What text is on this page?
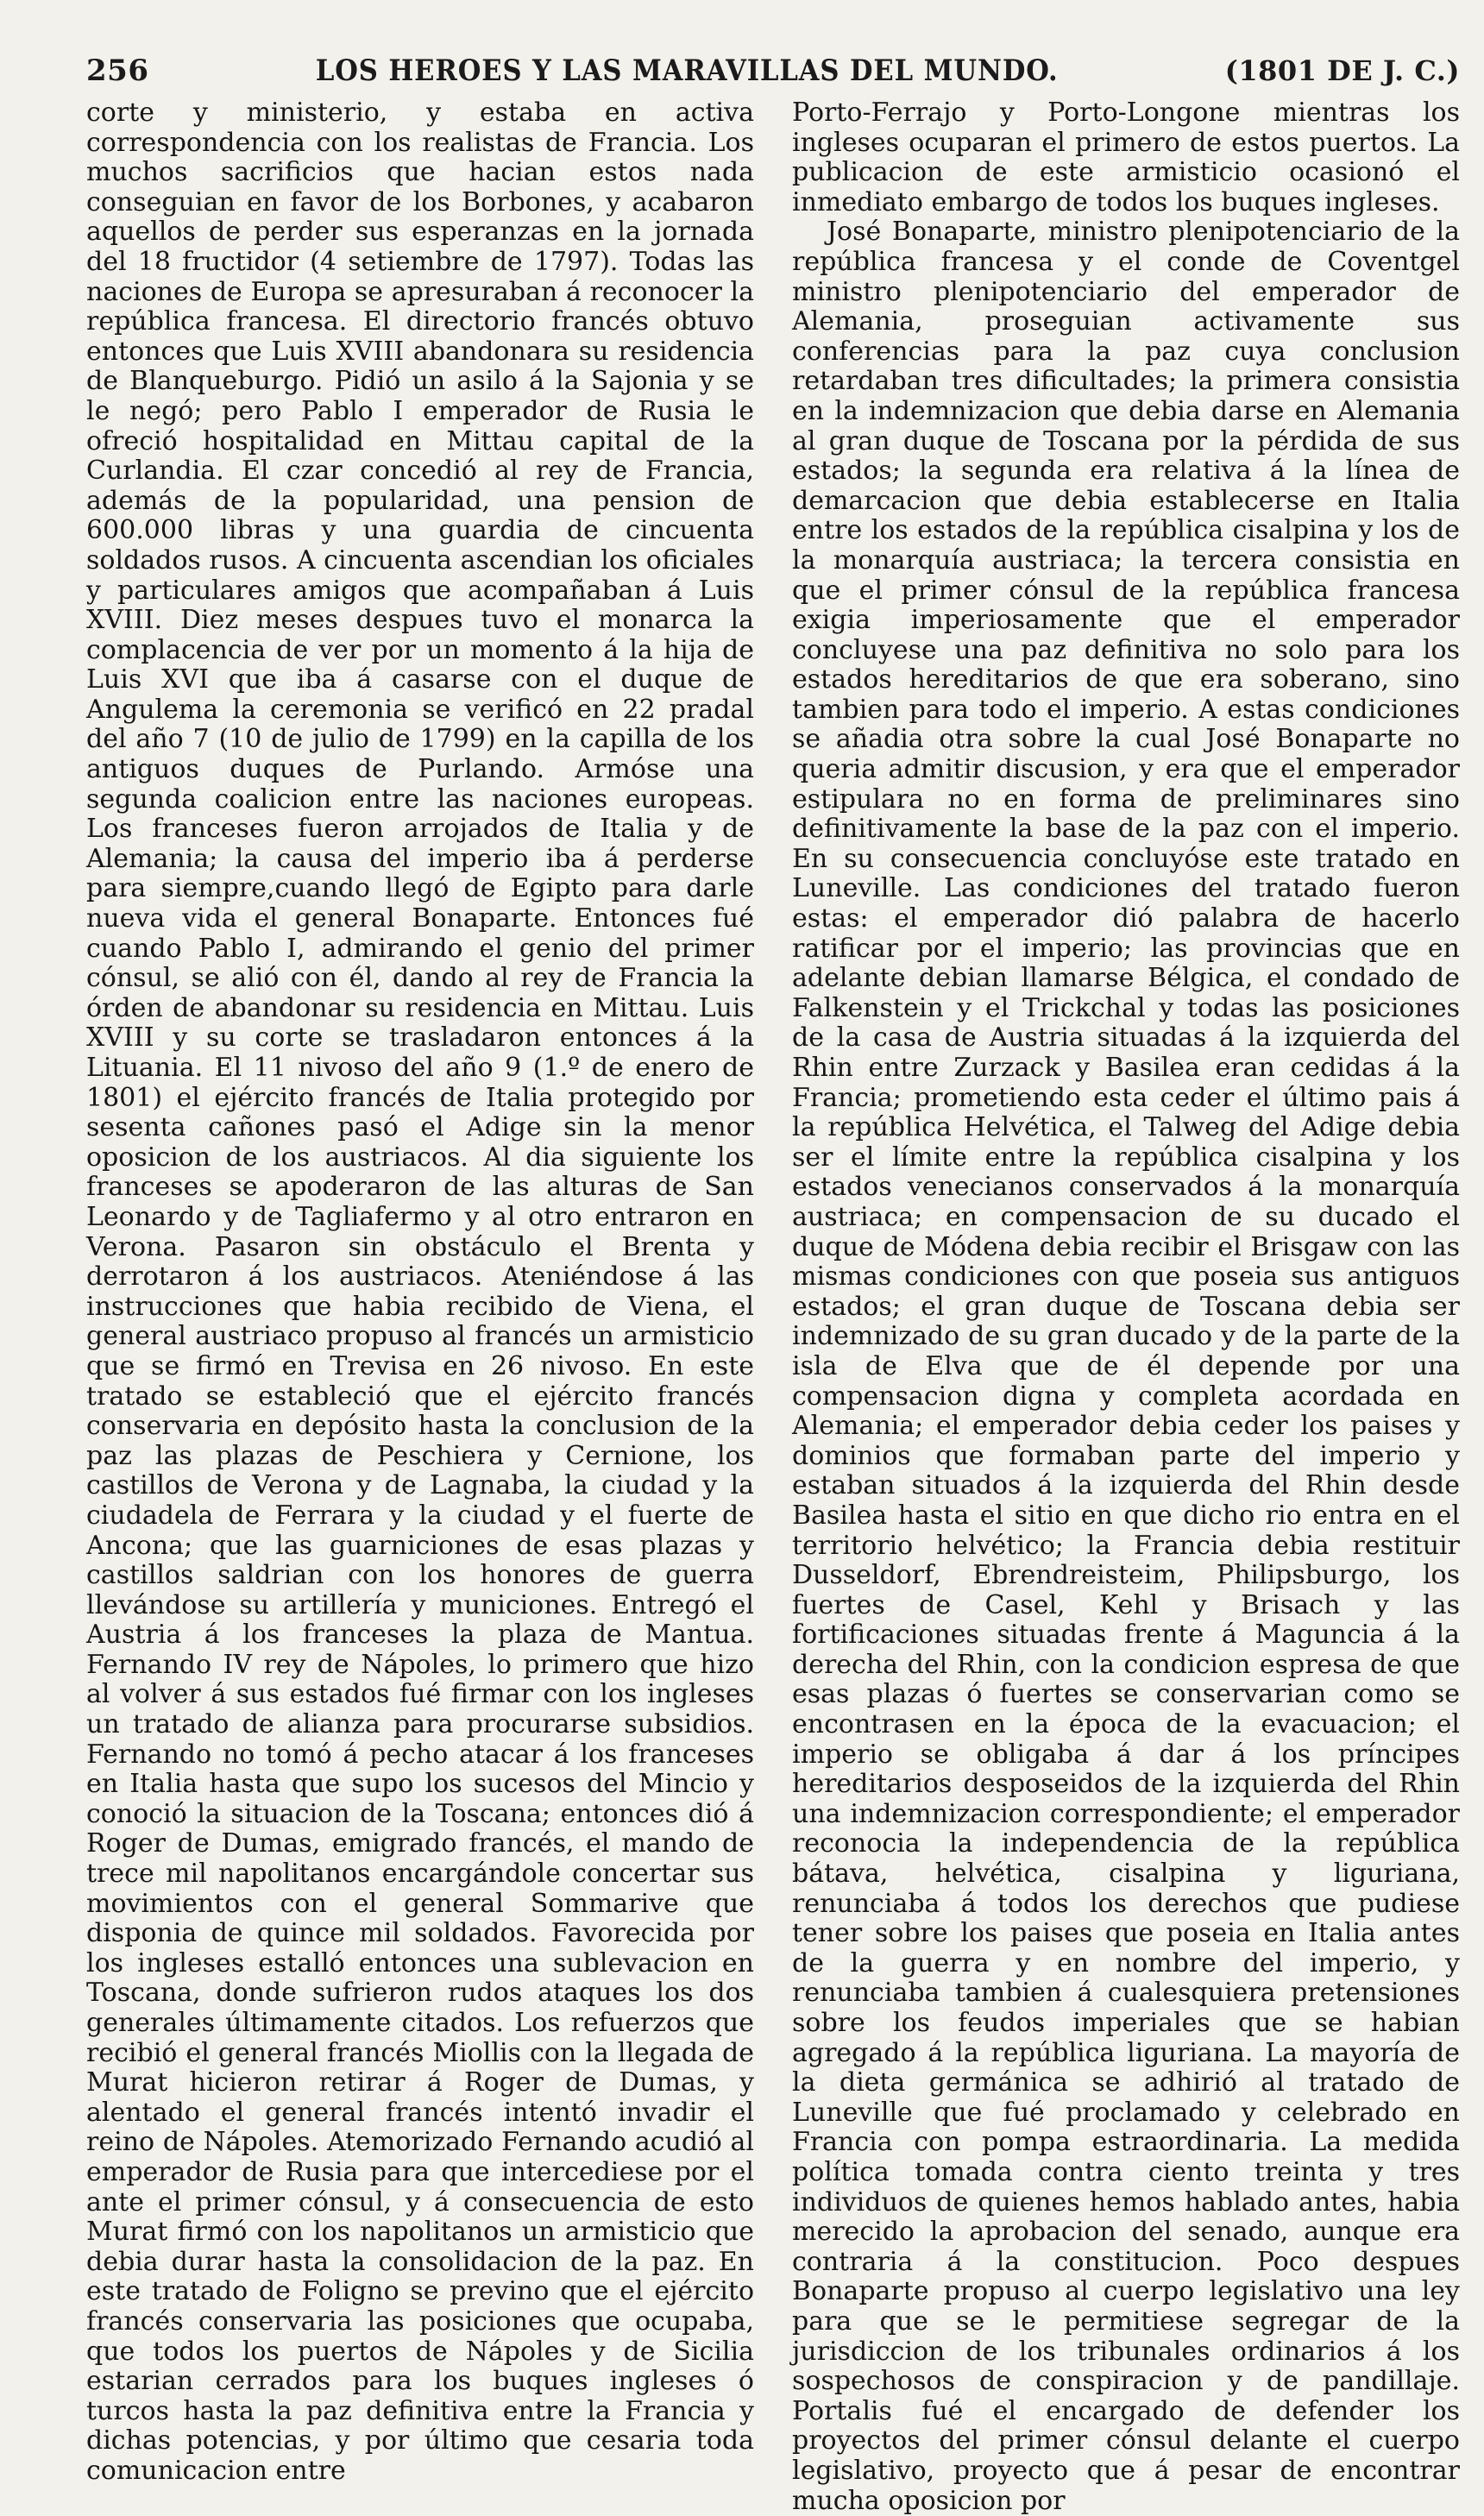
256	LOS HEROES Y LAS MARAVILLAS DEL MUNDO.	(1801 DE J. C.)

corte y ministerio, y estaba en activa correspondencia con los realistas de Francia. Los muchos sacrificios que hacian estos nada conseguian en favor de los Borbones, y acabaron aquellos de perder sus esperanzas en la jornada del 18 fructidor (4 setiembre de 1797). Todas las naciones de Europa se apresuraban á reconocer la república francesa. El directorio francés obtuvo entonces que Luis XVIII abandonara su residencia de Blanqueburgo. Pidió un asilo á la Sajonia y se le negó; pero Pablo I emperador de Rusia le ofreció hospitalidad en Mittau capital de la Curlandia. El czar concedió al rey de Francia, además de la popularidad, una pension de 600.000 libras y una guardia de cincuenta soldados rusos. A cincuenta ascendian los oficiales y particulares amigos que acompañaban á Luis XVIII. Diez meses despues tuvo el monarca la complacencia de ver por un momento á la hija de Luis XVI que iba á casarse con el duque de Angulema la ceremonia se verificó en 22 pradal del año 7 (10 de julio de 1799) en la capilla de los antiguos duques de Purlando. Armóse una segunda coalicion entre las naciones europeas. Los franceses fueron arrojados de Italia y de Alemania; la causa del imperio iba á perderse para siempre,cuando llegó de Egipto para darle nueva vida el general Bonaparte. Entonces fué cuando Pablo I, admirando el genio del primer cónsul, se alió con él, dando al rey de Francia la órden de abandonar su residencia en Mittau. Luis XVIII y su corte se trasladaron entonces á la Lituania. El 11 nivoso del año 9 (1.º de enero de 1801) el ejército francés de Italia protegido por sesenta cañones pasó el Adige sin la menor oposicion de los austriacos. Al dia siguiente los franceses se apoderaron de las alturas de San Leonardo y de Tagliafermo y al otro entraron en Verona. Pasaron sin obstáculo el Brenta y derrotaron á los austriacos. Ateniéndose á las instrucciones que habia recibido de Viena, el general austriaco propuso al francés un armisticio que se firmó en Trevisa en 26 nivoso. En este tratado se estableció que el ejército francés conservaria en depósito hasta la conclusion de la paz las plazas de Peschiera y Cernione, los castillos de Verona y de Lagnaba, la ciudad y la ciudadela de Ferrara y la ciudad y el fuerte de Ancona; que las guarniciones de esas plazas y castillos saldrian con los honores de guerra llevándose su artillería y municiones. Entregó el Austria á los franceses la plaza de Mantua. Fernando IV rey de Nápoles, lo primero que hizo al volver á sus estados fué firmar con los ingleses un tratado de alianza para procurarse subsidios. Fernando no tomó á pecho atacar á los franceses en Italia hasta que supo los sucesos del Mincio y conoció la situacion de la Toscana; entonces dió á Roger de Dumas, emigrado francés, el mando de trece mil napolitanos encargándole concertar sus movimientos con el general Sommarive que disponia de quince mil soldados. Favorecida por los ingleses estalló entonces una sublevacion en Toscana, donde sufrieron rudos ataques los dos generales últimamente citados. Los refuerzos que recibió el general francés Miollis con la llegada de Murat hicieron retirar á Roger de Dumas, y alentado el general francés intentó invadir el reino de Nápoles. Atemorizado Fernando acudió al emperador de Rusia para que intercediese por el ante el primer cónsul, y á consecuencia de esto Murat firmó con los napolitanos un armisticio que debia durar hasta la consolidacion de la paz. En este tratado de Foligno se previno que el ejército francés conservaria las posiciones que ocupaba, que todos los puertos de Nápoles y de Sicilia estarian cerrados para los buques ingleses ó turcos hasta la paz definitiva entre la Francia y dichas potencias, y por último que cesaria toda comunicacion entre

Porto-Ferrajo y Porto-Longone mientras los ingleses ocuparan el primero de estos puertos. La publicacion de este armisticio ocasionó el inmediato embargo de todos los buques ingleses.

José Bonaparte, ministro plenipotenciario de la república francesa y el conde de Coventgel ministro plenipotenciario del emperador de Alemania, proseguian activamente sus conferencias para la paz cuya conclusion retardaban tres dificultades; la primera consistia en la indemnizacion que debia darse en Alemania al gran duque de Toscana por la pérdida de sus estados; la segunda era relativa á la línea de demarcacion que debia establecerse en Italia entre los estados de la república cisalpina y los de la monarquía austriaca; la tercera consistia en que el primer cónsul de la república francesa exigia imperiosamente que el emperador concluyese una paz definitiva no solo para los estados hereditarios de que era soberano, sino tambien para todo el imperio. A estas condiciones se añadia otra sobre la cual José Bonaparte no queria admitir discusion, y era que el emperador estipulara no en forma de preliminares sino definitivamente la base de la paz con el imperio. En su consecuencia concluyóse este tratado en Luneville. Las condiciones del tratado fueron estas: el emperador dió palabra de hacerlo ratificar por el imperio; las provincias que en adelante debian llamarse Bélgica, el condado de Falkenstein y el Trickchal y todas las posiciones de la casa de Austria situadas á la izquierda del Rhin entre Zurzack y Basilea eran cedidas á la Francia; prometiendo esta ceder el último pais á la república Helvética, el Talweg del Adige debia ser el límite entre la república cisalpina y los estados venecianos conservados á la monarquía austriaca; en compensacion de su ducado el duque de Módena debia recibir el Brisgaw con las mismas condiciones con que poseia sus antiguos estados; el gran duque de Toscana debia ser indemnizado de su gran ducado y de la parte de la isla de Elva que de él depende por una compensacion digna y completa acordada en Alemania; el emperador debia ceder los paises y dominios que formaban parte del imperio y estaban situados á la izquierda del Rhin desde Basilea hasta el sitio en que dicho rio entra en el territorio helvético; la Francia debia restituir Dusseldorf, Ebrendreisteim, Philipsburgo, los fuertes de Casel, Kehl y Brisach y las fortificaciones situadas frente á Maguncia á la derecha del Rhin, con la condicion espresa de que esas plazas ó fuertes se conservarian como se encontrasen en la época de la evacuacion; el imperio se obligaba á dar á los príncipes hereditarios desposeidos de la izquierda del Rhin una indemnizacion correspondiente; el emperador reconocia la independencia de la república bátava, helvética, cisalpina y liguriana, renunciaba á todos los derechos que pudiese tener sobre los paises que poseia en Italia antes de la guerra y en nombre del imperio, y renunciaba tambien á cualesquiera pretensiones sobre los feudos imperiales que se habian agregado á la república liguriana. La mayoría de la dieta germánica se adhirió al tratado de Luneville que fué proclamado y celebrado en Francia con pompa estraordinaria. La medida política tomada contra ciento treinta y tres individuos de quienes hemos hablado antes, habia merecido la aprobacion del senado, aunque era contraria á la constitucion. Poco despues Bonaparte propuso al cuerpo legislativo una ley para que se le permitiese segregar de la jurisdiccion de los tribunales ordinarios á los sospechosos de conspiracion y de pandillaje. Portalis fué el encargado de defender los proyectos del primer cónsul delante el cuerpo legislativo, proyecto que á pesar de encontrar mucha oposicion por
